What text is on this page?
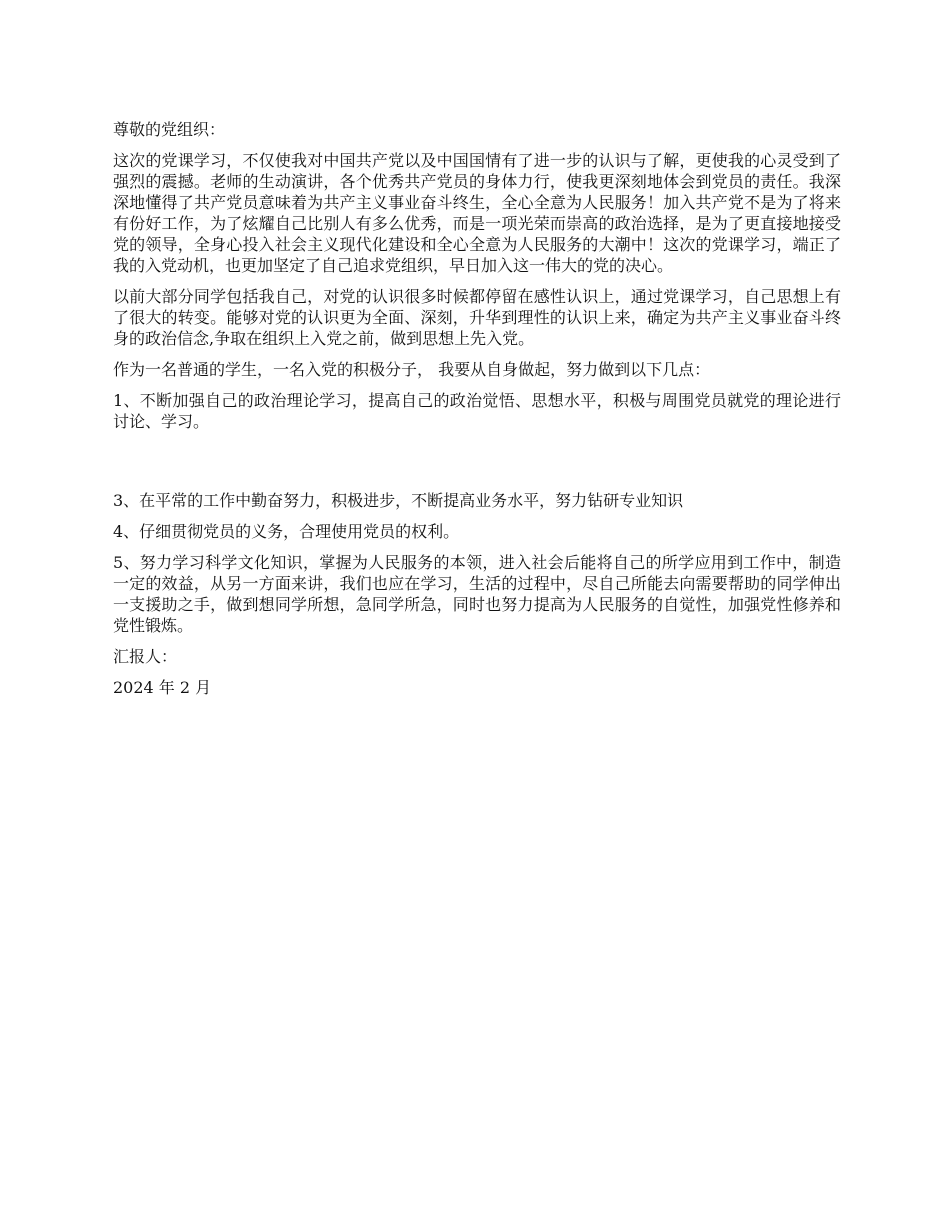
尊敬的党组织：

这次的党课学习，不仅使我对中国共产党以及中国国情有了进一步的认识与了解，更使我的心灵受到了强烈的震撼。老师的生动演讲，各个优秀共产党员的身体力行，使我更深刻地体会到党员的责任。我深深地懂得了共产党员意味着为共产主义事业奋斗终生，全心全意为人民服务！加入共产党不是为了将来有份好工作，为了炫耀自己比别人有多么优秀，而是一项光荣而崇高的政治选择，是为了更直接地接受党的领导，全身心投入社会主义现代化建设和全心全意为人民服务的大潮中！这次的党课学习，端正了我的入党动机，也更加坚定了自己追求党组织，早日加入这一伟大的党的决心。

以前大部分同学包括我自己，对党的认识很多时候都停留在感性认识上，通过党课学习，自己思想上有了很大的转变。能够对党的认识更为全面、深刻，升华到理性的认识上来，确定为共产主义事业奋斗终身的政治信念,争取在组织上入党之前，做到思想上先入党。

作为一名普通的学生，一名入党的积极分子， 我要从自身做起，努力做到以下几点：

1、不断加强自己的政治理论学习，提高自己的政治觉悟、思想水平，积极与周围党员就党的理论进行讨论、学习。

3、在平常的工作中勤奋努力，积极进步，不断提高业务水平，努力钻研专业知识

4、仔细贯彻党员的义务，合理使用党员的权利。

5、努力学习科学文化知识，掌握为人民服务的本领，进入社会后能将自己的所学应用到工作中，制造一定的效益，从另一方面来讲，我们也应在学习，生活的过程中，尽自己所能去向需要帮助的同学伸出一支援助之手，做到想同学所想，急同学所急，同时也努力提高为人民服务的自觉性，加强党性修养和党性锻炼。

汇报人：

2024 年 2 月
